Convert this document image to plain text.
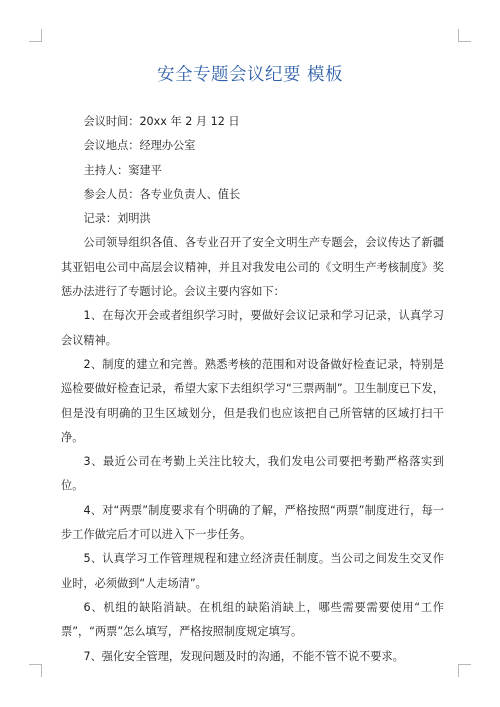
安全专题会议纪要 模板

会议时间：20xx 年 2 月 12 日

会议地点：经理办公室

主持人：窦建平

参会人员：各专业负责人、值长

记录：刘明洪

公司领导组织各值、各专业召开了安全文明生产专题会，会议传达了新疆其亚铝电公司中高层会议精神，并且对我发电公司的《文明生产考核制度》奖惩办法进行了专题讨论。会议主要内容如下：

1、在每次开会或者组织学习时，要做好会议记录和学习记录，认真学习会议精神。

2、制度的建立和完善。熟悉考核的范围和对设备做好检查记录，特别是巡检要做好检查记录，希望大家下去组织学习“三票两制”。卫生制度已下发，但是没有明确的卫生区域划分，但是我们也应该把自己所管辖的区域打扫干净。

3、最近公司在考勤上关注比较大，我们发电公司要把考勤严格落实到位。

4、对“两票”制度要求有个明确的了解，严格按照“两票”制度进行，每一步工作做完后才可以进入下一步任务。

5、认真学习工作管理规程和建立经济责任制度。当公司之间发生交叉作业时，必须做到“人走场清”。

6、机组的缺陷消缺。在机组的缺陷消缺上，哪些需要需要使用“工作票”，“两票”怎么填写，严格按照制度规定填写。

7、强化安全管理，发现问题及时的沟通，不能不管不说不要求。
